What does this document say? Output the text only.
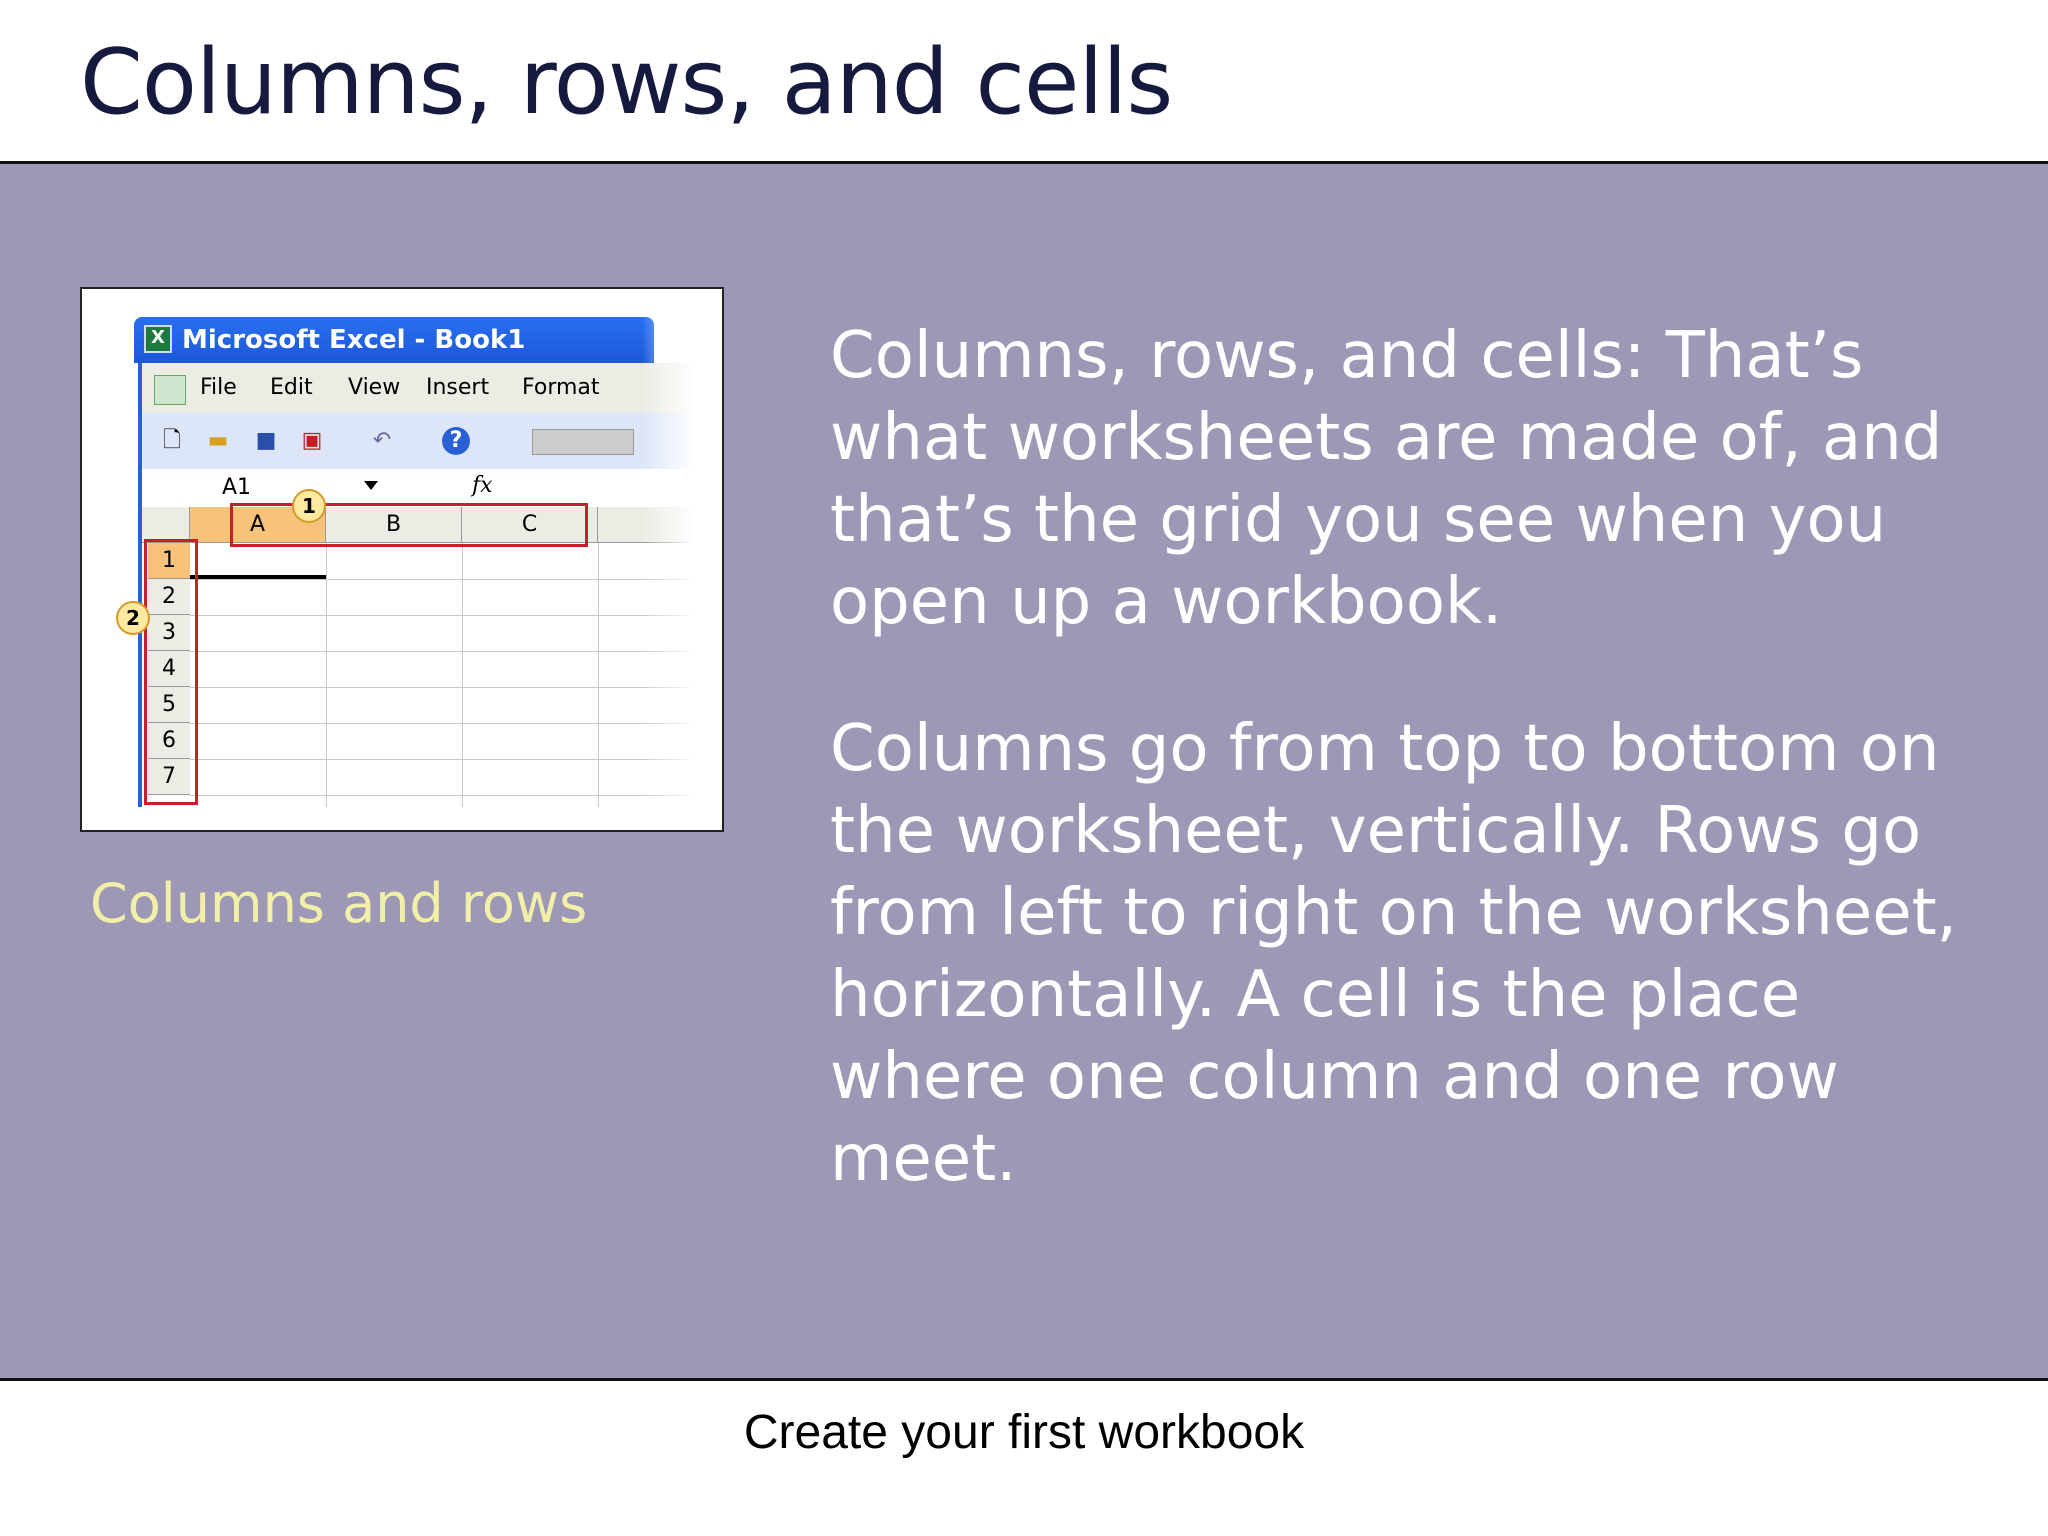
Columns, rows, and cells
X Microsoft Excel - Book1
File Edit View Insert Format
🗋 ▬ ■ ▣ ↶	?
A1	fx
A	B	C
1
2
3
4
5
6
7
1
2
Columns and rows
Columns, rows, and cells: That’s
what worksheets are made of, and
that’s the grid you see when you
open up a workbook.
Columns go from top to bottom on
the worksheet, vertically. Rows go
from left to right on the worksheet,
horizontally. A cell is the place
where one column and one row
meet.
Create your first workbook
